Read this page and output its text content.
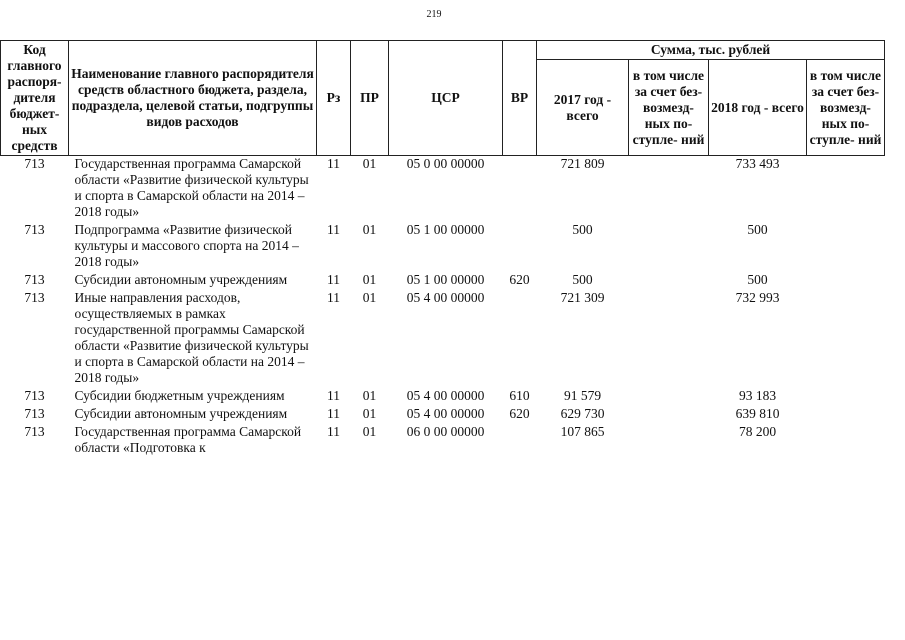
219
Код главного распоря- дителя бюджет- ных средств	Наименование главного распорядителя средств областного бюджета, раздела, подраздела, целевой статьи, подгруппы видов расходов	Рз	ПР	ЦСР	ВР	Сумма, тыс. рублей			
						2017 год - всего	в том числе за счет без- возмезд- ных по- ступле- ний	2018 год - всего	в том числе за счет без- возмезд- ных по- ступле- ний
713	Государственная программа Самарской области «Развитие физической культуры и спорта в Самарской области на 2014 – 2018 годы»	11	01	05 0 00 00000		721 809		733 493	
713	Подпрограмма «Развитие физической культуры и массового спорта на 2014 – 2018 годы»	11	01	05 1 00 00000		500		500	
713	Субсидии автономным учреждениям	11	01	05 1 00 00000	620	500		500	
713	Иные направления расходов, осуществляемых в рамках государственной программы Самарской области «Развитие физической культуры и спорта в Самарской области на 2014 – 2018 годы»	11	01	05 4 00 00000		721 309		732 993	
713	Субсидии бюджетным учреждениям	11	01	05 4 00 00000	610	91 579		93 183	
713	Субсидии автономным учреждениям	11	01	05 4 00 00000	620	629 730		639 810	
713	Государственная программа Самарской области «Подготовка к	11	01	06 0 00 00000		107 865		78 200	
